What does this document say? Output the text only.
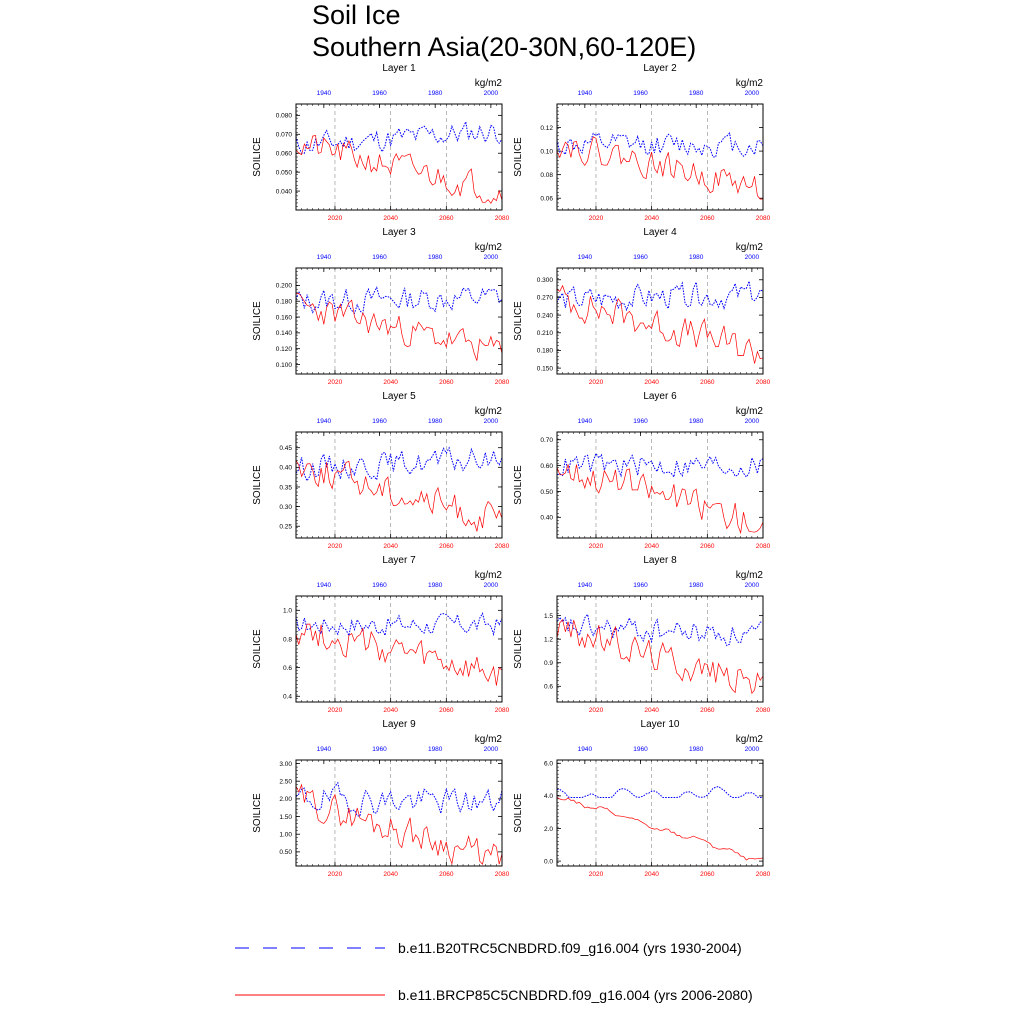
Soil Ice
Southern Asia(20-30N,60-120E)
Layer 1
kg/m2
SOILICE
0.040
0.050
0.060
0.070
0.080
2020	2040	2060	2080
1940	1960	1980	2000
Layer 2
kg/m2
SOILICE
0.06
0.08
0.10
0.12
2020	2040	2060	2080
1940	1960	1980	2000
Layer 3
kg/m2
SOILICE
0.100
0.120
0.140
0.160
0.180
0.200
2020	2040	2060	2080
1940	1960	1980	2000
Layer 4
kg/m2
SOILICE
0.150
0.180
0.210
0.240
0.270
0.300
2020	2040	2060	2080
1940	1960	1980	2000
Layer 5
kg/m2
SOILICE
0.25
0.30
0.35
0.40
0.45
2020	2040	2060	2080
1940	1960	1980	2000
Layer 6
kg/m2
SOILICE
0.40
0.50
0.60
0.70
2020	2040	2060	2080
1940	1960	1980	2000
Layer 7
kg/m2
SOILICE
0.4
0.6
0.8
1.0
2020	2040	2060	2080
1940	1960	1980	2000
Layer 8
kg/m2
SOILICE
0.6
0.9
1.2
1.5
2020	2040	2060	2080
1940	1960	1980	2000
Layer 9
kg/m2
SOILICE
0.50
1.00
1.50
2.00
2.50
3.00
2020	2040	2060	2080
1940	1960	1980	2000
Layer 10
kg/m2
SOILICE
0.0
2.0
4.0
6.0
2020	2040	2060	2080
1940	1960	1980	2000
b.e11.B20TRC5CNBDRD.f09_g16.004 (yrs 1930-2004)
b.e11.BRCP85C5CNBDRD.f09_g16.004 (yrs 2006-2080)
